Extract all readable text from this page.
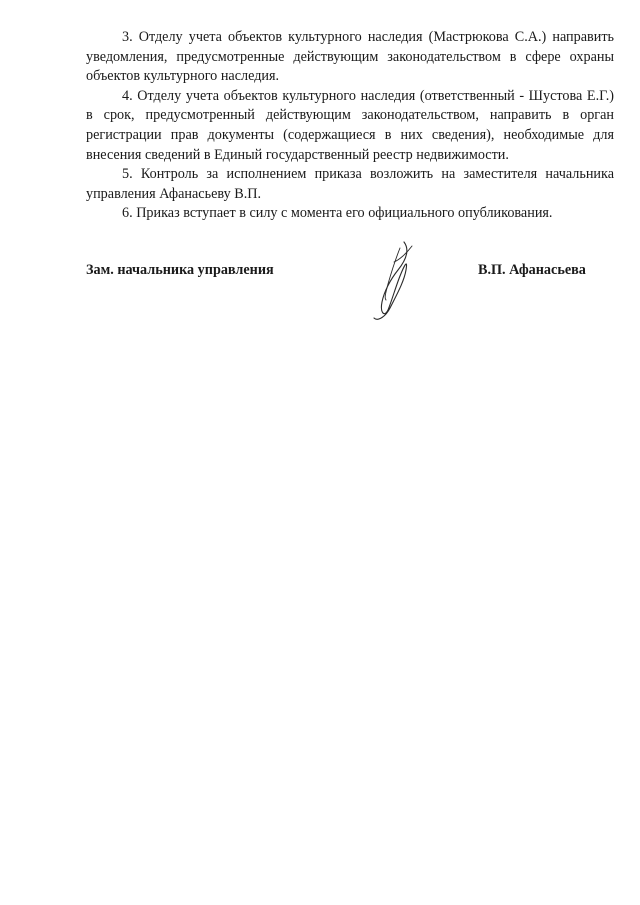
3. Отделу учета объектов культурного наследия (Мастрюкова С.А.) направить уведомления, предусмотренные действующим законодательством в сфере охраны объектов культурного наследия.

4. Отделу учета объектов культурного наследия (ответственный - Шустова Е.Г.) в срок, предусмотренный действующим законодательством, направить в орган регистрации прав документы (содержащиеся в них сведения), необходимые для внесения сведений в Единый государственный реестр недвижимости.

5. Контроль за исполнением приказа возложить на заместителя начальника управления Афанасьеву В.П.

6. Приказ вступает в силу с момента его официального опубликования.

Зам. начальника управления	В.П. Афанасьева
